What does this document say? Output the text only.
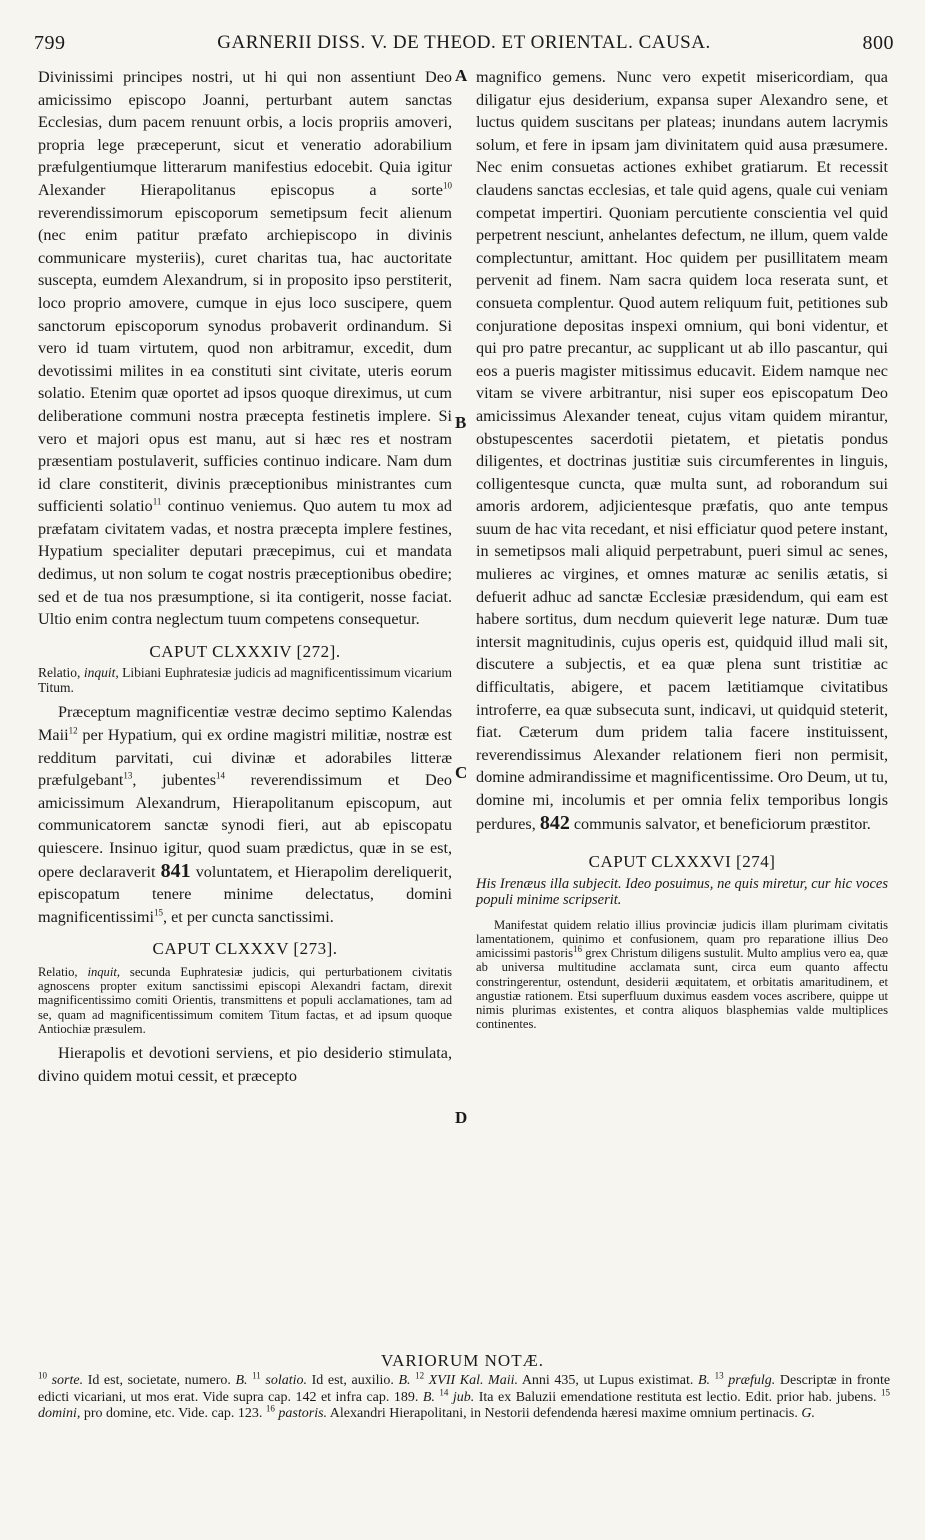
799	GARNERII DISS. V. DE THEOD. ET ORIENTAL. CAUSA.	800
A
B
C
D

Divinissimi principes nostri, ut hi qui non assentiunt Deo amicissimo episcopo Joanni, perturbant autem sanctas Ecclesias, dum pacem renuunt orbis, a locis propriis amoveri, propria lege præceperunt, sicut et veneratio adorabilium præfulgentiumque litterarum manifestius edocebit. Quia igitur Alexander Hierapolitanus episcopus a sorte$^{10}$ reverendissimorum episcoporum semetipsum fecit alienum (nec enim patitur præfato archiepiscopo in divinis communicare mysteriis), curet charitas tua, hac auctoritate suscepta, eumdem Alexandrum, si in proposito ipso perstiterit, loco proprio amovere, cumque in ejus loco suscipere, quem sanctorum episcoporum synodus probaverit ordinandum. Si vero id tuam virtutem, quod non arbitramur, excedit, dum devotissimi milites in ea constituti sint civitate, uteris eorum solatio. Etenim quæ oportet ad ipsos quoque direximus, ut cum deliberatione communi nostra præcepta festinetis implere. Si vero et majori opus est manu, aut si hæc res et nostram præsentiam postulaverit, sufficies continuo indicare. Nam dum id clare constiterit, divinis præceptionibus ministrantes cum sufficienti solatio$^{11}$ continuo veniemus. Quo autem tu mox ad præfatam civitatem vadas, et nostra præcepta implere festines, Hypatium specialiter deputari præcepimus, cui et mandata dedimus, ut non solum te cogat nostris præceptionibus obedire; sed et de tua nos præsumptione, si ita contigerit, nosse faciat. Ultio enim contra neglectum tuum competens consequetur.

CAPUT CLXXXIV [272].
Relatio, inquit, Libiani Euphratesiæ judicis ad magnificentissimum vicarium Titum.

Præceptum magnificentiæ vestræ decimo septimo Kalendas Maii$^{12}$ per Hypatium, qui ex ordine magistri militiæ, nostræ est redditum parvitati, cui divinæ et adorabiles litteræ præfulgebant$^{13}$, jubentes$^{14}$ reverendissimum et Deo amicissimum Alexandrum, Hierapolitanum episcopum, aut communicatorem sanctæ synodi fieri, aut ab episcopatu quiescere. Insinuo igitur, quod suam prædictus, quæ in se est, opere declaraverit 841 voluntatem, et Hierapolim dereliquerit, episcopatum tenere minime delectatus, domini magnificentissimi$^{15}$, et per cuncta sanctissimi.

CAPUT CLXXXV [273].
Relatio, inquit, secunda Euphratesiæ judicis, qui perturbationem civitatis agnoscens propter exitum sanctissimi episcopi Alexandri factam, direxit magnificentissimo comiti Orientis, transmittens et populi acclamationes, tam ad se, quam ad magnificentissimum comitem Titum factas, et ad ipsum quoque Antiochiæ præsulem.

Hierapolis et devotioni serviens, et pio desiderio stimulata, divino quidem motui cessit, et præcepto

magnifico gemens. Nunc vero expetit misericordiam, qua diligatur ejus desiderium, expansa super Alexandro sene, et luctus quidem suscitans per plateas; inundans autem lacrymis solum, et fere in ipsam jam divinitatem quid ausa præsumere. Nec enim consuetas actiones exhibet gratiarum. Et recessit claudens sanctas ecclesias, et tale quid agens, quale cui veniam competat impertiri. Quoniam percutiente conscientia vel quid perpetrent nesciunt, anhelantes defectum, ne illum, quem valde complectuntur, amittant. Hoc quidem per pusillitatem meam pervenit ad finem. Nam sacra quidem loca reserata sunt, et consueta complentur. Quod autem reliquum fuit, petitiones sub conjuratione depositas inspexi omnium, qui boni videntur, et qui pro patre precantur, ac supplicant ut ab illo pascantur, qui eos a pueris magister mitissimus educavit. Eidem namque nec vitam se vivere arbitrantur, nisi super eos episcopatum Deo amicissimus Alexander teneat, cujus vitam quidem mirantur, obstupescentes sacerdotii pietatem, et pietatis pondus diligentes, et doctrinas justitiæ suis circumferentes in linguis, colligentesque cuncta, quæ multa sunt, ad roborandum sui amoris ardorem, adjicientesque præfatis, quo ante tempus suum de hac vita recedant, et nisi efficiatur quod petere instant, in semetipsos mali aliquid perpetrabunt, pueri simul ac senes, mulieres ac virgines, et omnes maturæ ac senilis ætatis, si defuerit adhuc ad sanctæ Ecclesiæ præsidendum, qui eam est habere sortitus, dum necdum quieverit lege naturæ. Dum tuæ intersit magnitudinis, cujus operis est, quidquid illud mali sit, discutere a subjectis, et ea quæ plena sunt tristitiæ ac difficultatis, abigere, et pacem lætitiamque civitatibus introferre, ea quæ subsecuta sunt, indicavi, ut quidquid steterit, fiat. Cæterum dum pridem talia facere instituissent, reverendissimus Alexander relationem fieri non permisit, domine admirandissime et magnificentissime. Oro Deum, ut tu, domine mi, incolumis et per omnia felix temporibus longis perdures, 842 communis salvator, et beneficiorum præstitor.

CAPUT CLXXXVI [274]
His Irenæus illa subjecit. Ideo posuimus, ne quis miretur, cur hic voces populi minime scripserit.
Manifestat quidem relatio illius provinciæ judicis illam plurimam civitatis lamentationem, quinimo et confusionem, quam pro reparatione illius Deo amicissimi pastoris$^{16}$ grex Christum diligens sustulit. Multo amplius vero ea, quæ ab universa multitudine acclamata sunt, circa eum quanto affectu constringerentur, ostendunt, desiderii æquitatem, et orbitatis amaritudinem, et angustiæ rationem. Etsi superfluum duximus easdem voces ascribere, quippe ut nimis plurimas existentes, et contra aliquos blasphemias valde multiplices continentes.
VARIORUM NOTÆ.
$^{10}$ sorte. Id est, societate, numero. B. $^{11}$ solatio. Id est, auxilio. B. $^{12}$ XVII Kal. Maii. Anni 435, ut Lupus existimat. B. $^{13}$ præfulg. Descriptæ in fronte edicti vicariani, ut mos erat. Vide supra cap. 142 et infra cap. 189. B. $^{14}$ jub. Ita ex Baluzii emendatione restituta est lectio. Edit. prior hab. jubens. $^{15}$ domini, pro domine, etc. Vide. cap. 123. $^{16}$ pastoris. Alexandri Hierapolitani, in Nestorii defendenda hæresi maxime omnium pertinacis. G.
